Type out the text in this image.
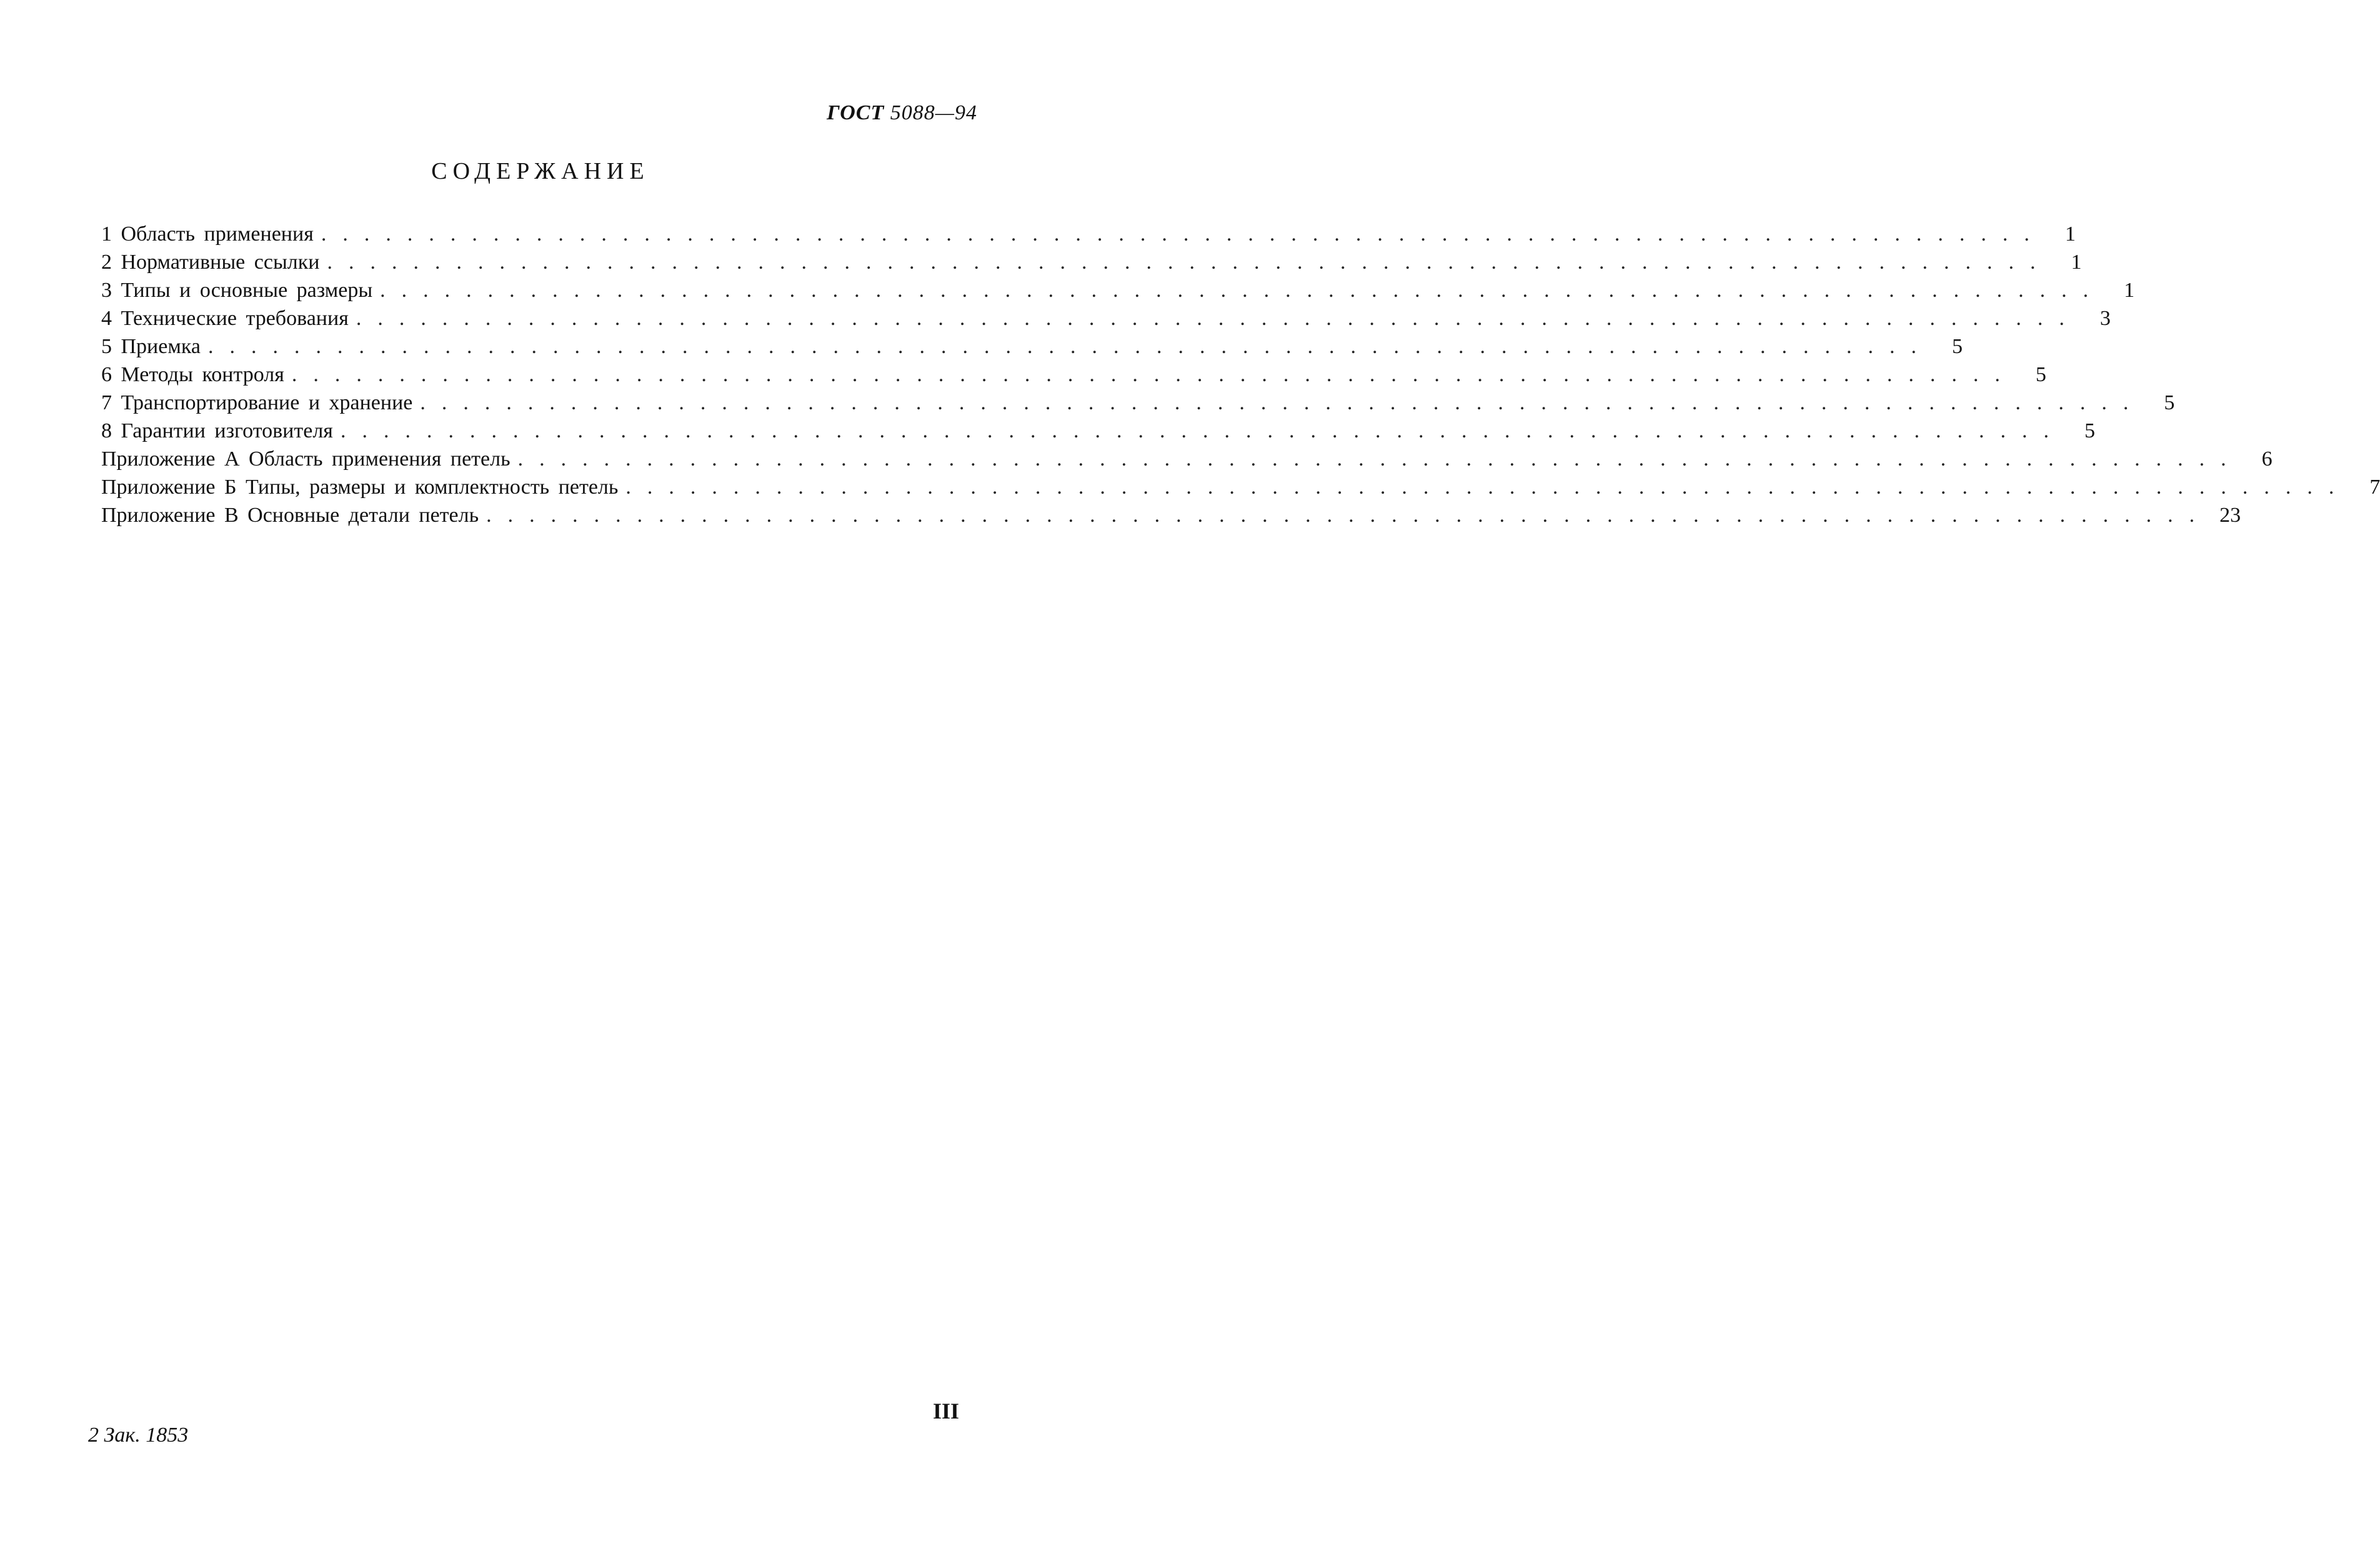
ГОСТ 5088—94
СОДЕРЖАНИЕ
1 Область применения ................................................................................ 1
2 Нормативные ссылки ................................................................................ 1
3 Типы и основные размеры ................................................................................ 1
4 Технические требования ................................................................................ 3
5 Приемка ................................................................................ 5
6 Методы контроля ................................................................................ 5
7 Транспортирование и хранение ................................................................................ 5
8 Гарантии изготовителя ................................................................................ 5
Приложение А Область применения петель ................................................................................ 6
Приложение Б Типы, размеры и комплектность петель ................................................................................ 7
Приложение В Основные детали петель ................................................................................ 23
III
2 Зак. 1853
